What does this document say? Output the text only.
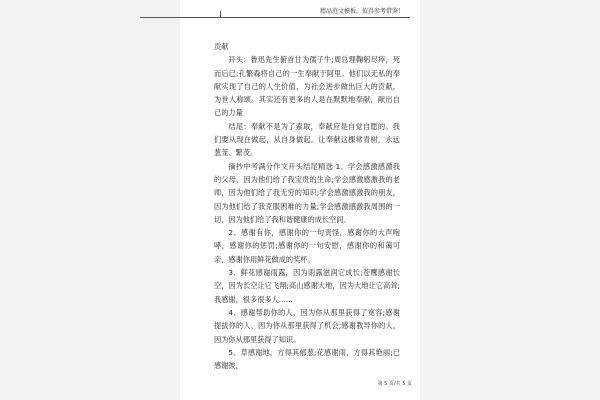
精品范文模板，值得参考借鉴！

贡献

开头：鲁迅先生俯首甘为孺子牛;周总理鞠躬尽瘁，死而后已;孔繁森将自己的一生奉献于阿里。他们以无私的奉献实现了自己的人生价值，为社会进步做出巨大的贡献，为世人称颂。其实还有更多的人是在默默地奉献，献出自己的力量

结尾：奉献不是为了索取，奉献应是自觉自愿的。我们要从现在做起，从自身做起。让奉献这棵常青树，永远葱茏、繁茂。

摘抄中考满分作文开头结尾精选 1、学会感激感激我的父母，因为他们给了我宝贵的生命;学会感激感激我的老师，因为他们给了我无穷的知识;学会感激感激我的朋友，因为他们给了我克服困难的力量;学会感激感激我周围的一切，因为他们给了我和谐健康的成长空间。

2、感谢有你，感谢你的一句责怪，感谢你的大声咆哮，感谢你的惩罚;感谢你的一句安慰，感谢你的和蔼可亲，感谢你用鲜花做成的奖杯。

3、鲜花感谢雨露，因为雨露滋润它成长;苍鹰感谢长空，因为长空让它飞翔;高山感谢大地，因为大地让它高耸;我感谢，很多很多人……

4、感谢帮助你的人，因为你从那里获得了宽容;感谢提拔你的人，因为你从那里获得了机会;感谢教导你的人，因为你从那里获得了知识。

5、草感谢地，方得其郁葱;花感谢雨，方得其艳丽;已感谢彼，

第 5 页/共 5 页
